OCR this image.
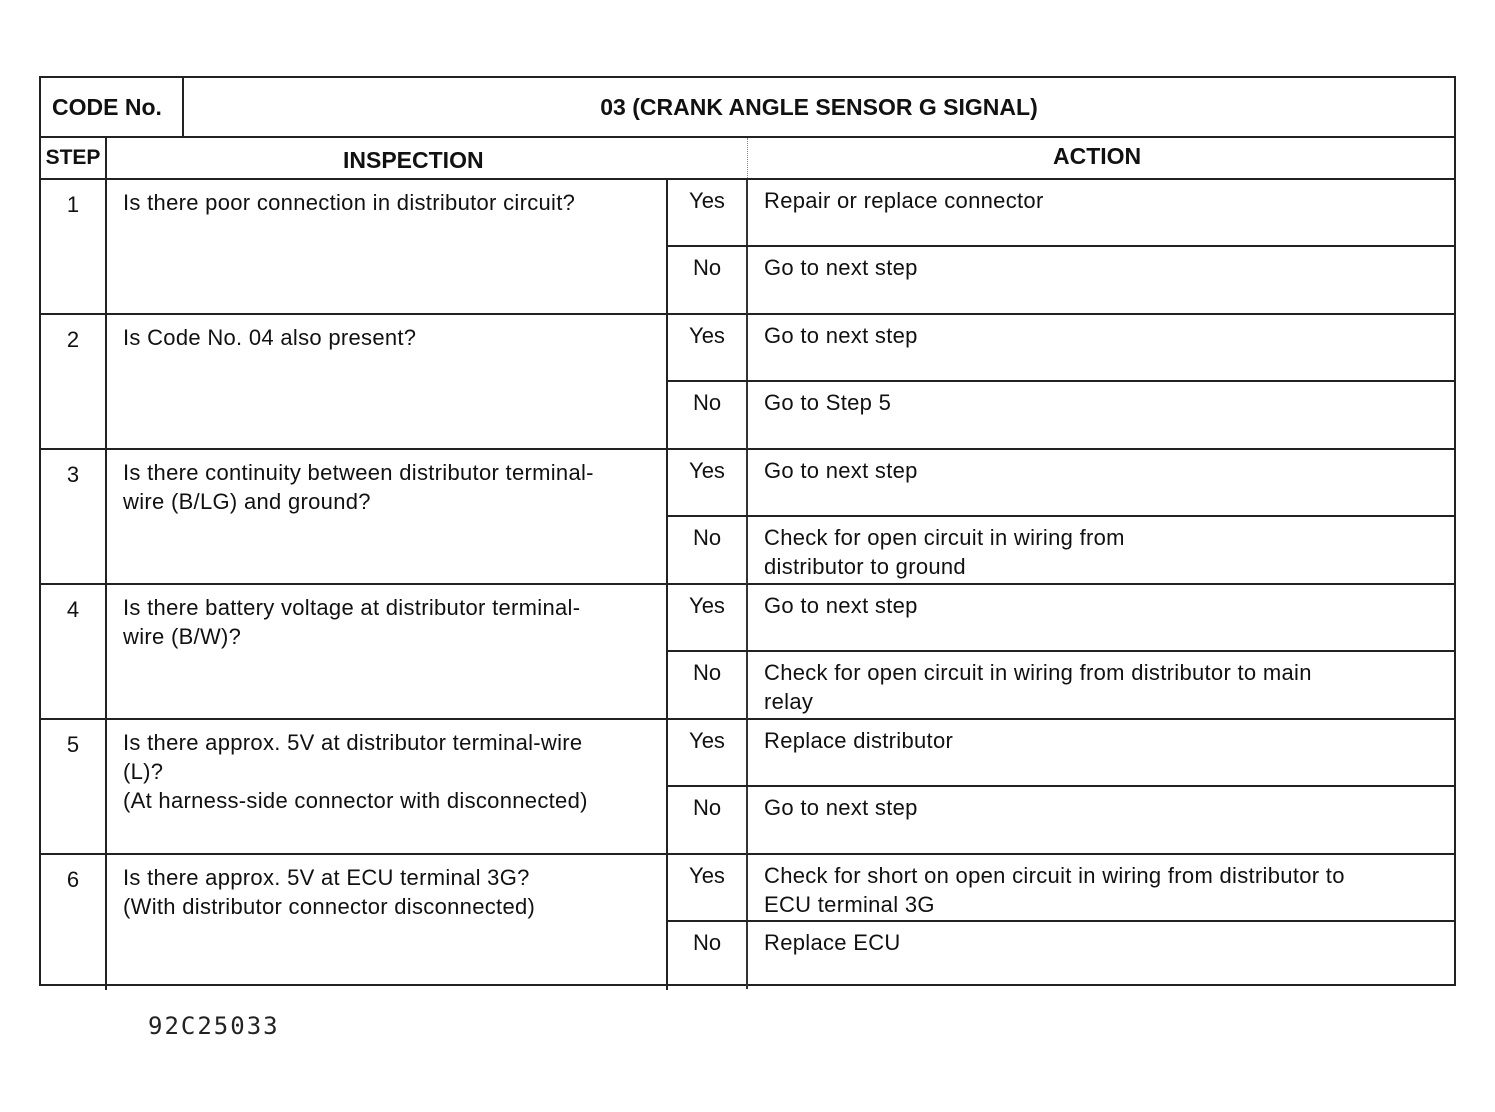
CODE No.	03 (CRANK ANGLE SENSOR G SIGNAL)
STEP	INSPECTION	ACTION
1	Is there poor connection in distributor circuit?	Yes	Repair or replace connector
No	Go to next step
2	Is Code No. 04 also present?	Yes	Go to next step
No	Go to Step 5
3	Is there continuity between distributor terminal-
wire (B/LG) and ground?
Yes	Go to next step
No	Check for open circuit in wiring from
distributor to ground
4	Is there battery voltage at distributor terminal-
wire (B/W)?
Yes	Go to next step
No	Check for open circuit in wiring from distributor to main
relay
5	Is there approx. 5V at distributor terminal-wire
(L)?
(At harness-side connector with disconnected)
Yes	Replace distributor
No	Go to next step
6	Is there approx. 5V at ECU terminal 3G?
(With distributor connector disconnected)
Yes	Check for short on open circuit in wiring from distributor to
ECU terminal 3G
No	Replace ECU
92C25033
